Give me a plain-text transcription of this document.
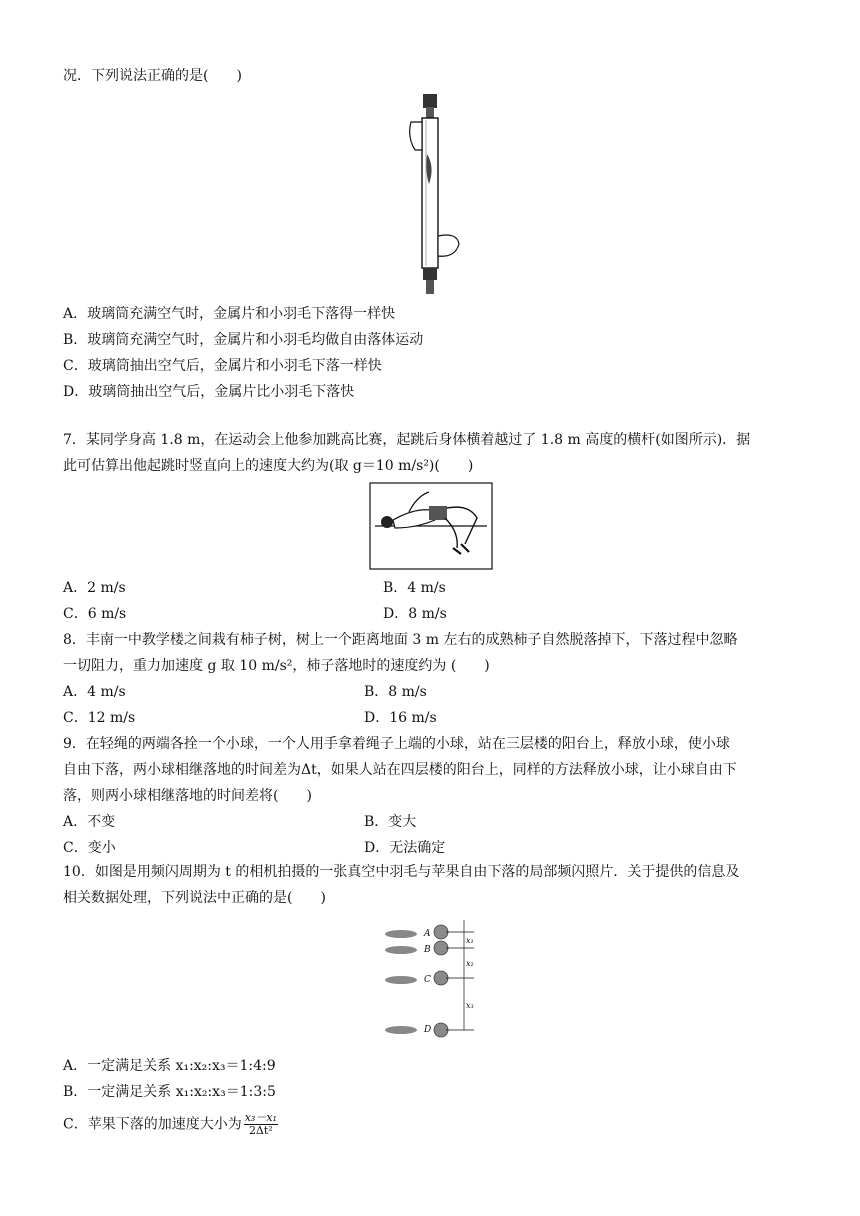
况．下列说法正确的是(　　)
A．玻璃筒充满空气时，金属片和小羽毛下落得一样快
B．玻璃筒充满空气时，金属片和小羽毛均做自由落体运动
C．玻璃筒抽出空气后，金属片和小羽毛下落一样快
D．玻璃筒抽出空气后，金属片比小羽毛下落快
7．某同学身高 1.8 m，在运动会上他参加跳高比赛，起跳后身体横着越过了 1.8 m 高度的横杆(如图所示)．据
此可估算出他起跳时竖直向上的速度大约为(取 g＝10 m/s²)(　　)
A．2 m/s	B．4 m/s
C．6 m/s	D．8 m/s
8．丰南一中教学楼之间栽有柿子树，树上一个距离地面 3 m 左右的成熟柿子自然脱落掉下，下落过程中忽略
一切阻力，重力加速度 g 取 10 m/s²，柿子落地时的速度约为 (　　)
A．4 m/s	B．8 m/s
C．12 m/s	D．16 m/s
9．在轻绳的两端各拴一个小球，一个人用手拿着绳子上端的小球，站在三层楼的阳台上，释放小球，使小球
自由下落，两小球相继落地的时间差为Δt，如果人站在四层楼的阳台上，同样的方法释放小球，让小球自由下
落，则两小球相继落地的时间差将(　　)
A．不变	B．变大
C．变小	D．无法确定
10．如图是用频闪周期为 t 的相机拍摄的一张真空中羽毛与苹果自由下落的局部频闪照片．关于提供的信息及
相关数据处理，下列说法中正确的是(　　)
A
B
C
D
x₁
x₂
x₃
A．一定满足关系 x₁:x₂:x₃＝1:4:9
B．一定满足关系 x₁:x₂:x₃＝1:3:5
C．苹果下落的加速度大小为 $\frac{\text{x₃－x₁}}{\text{2Δt²}}$
